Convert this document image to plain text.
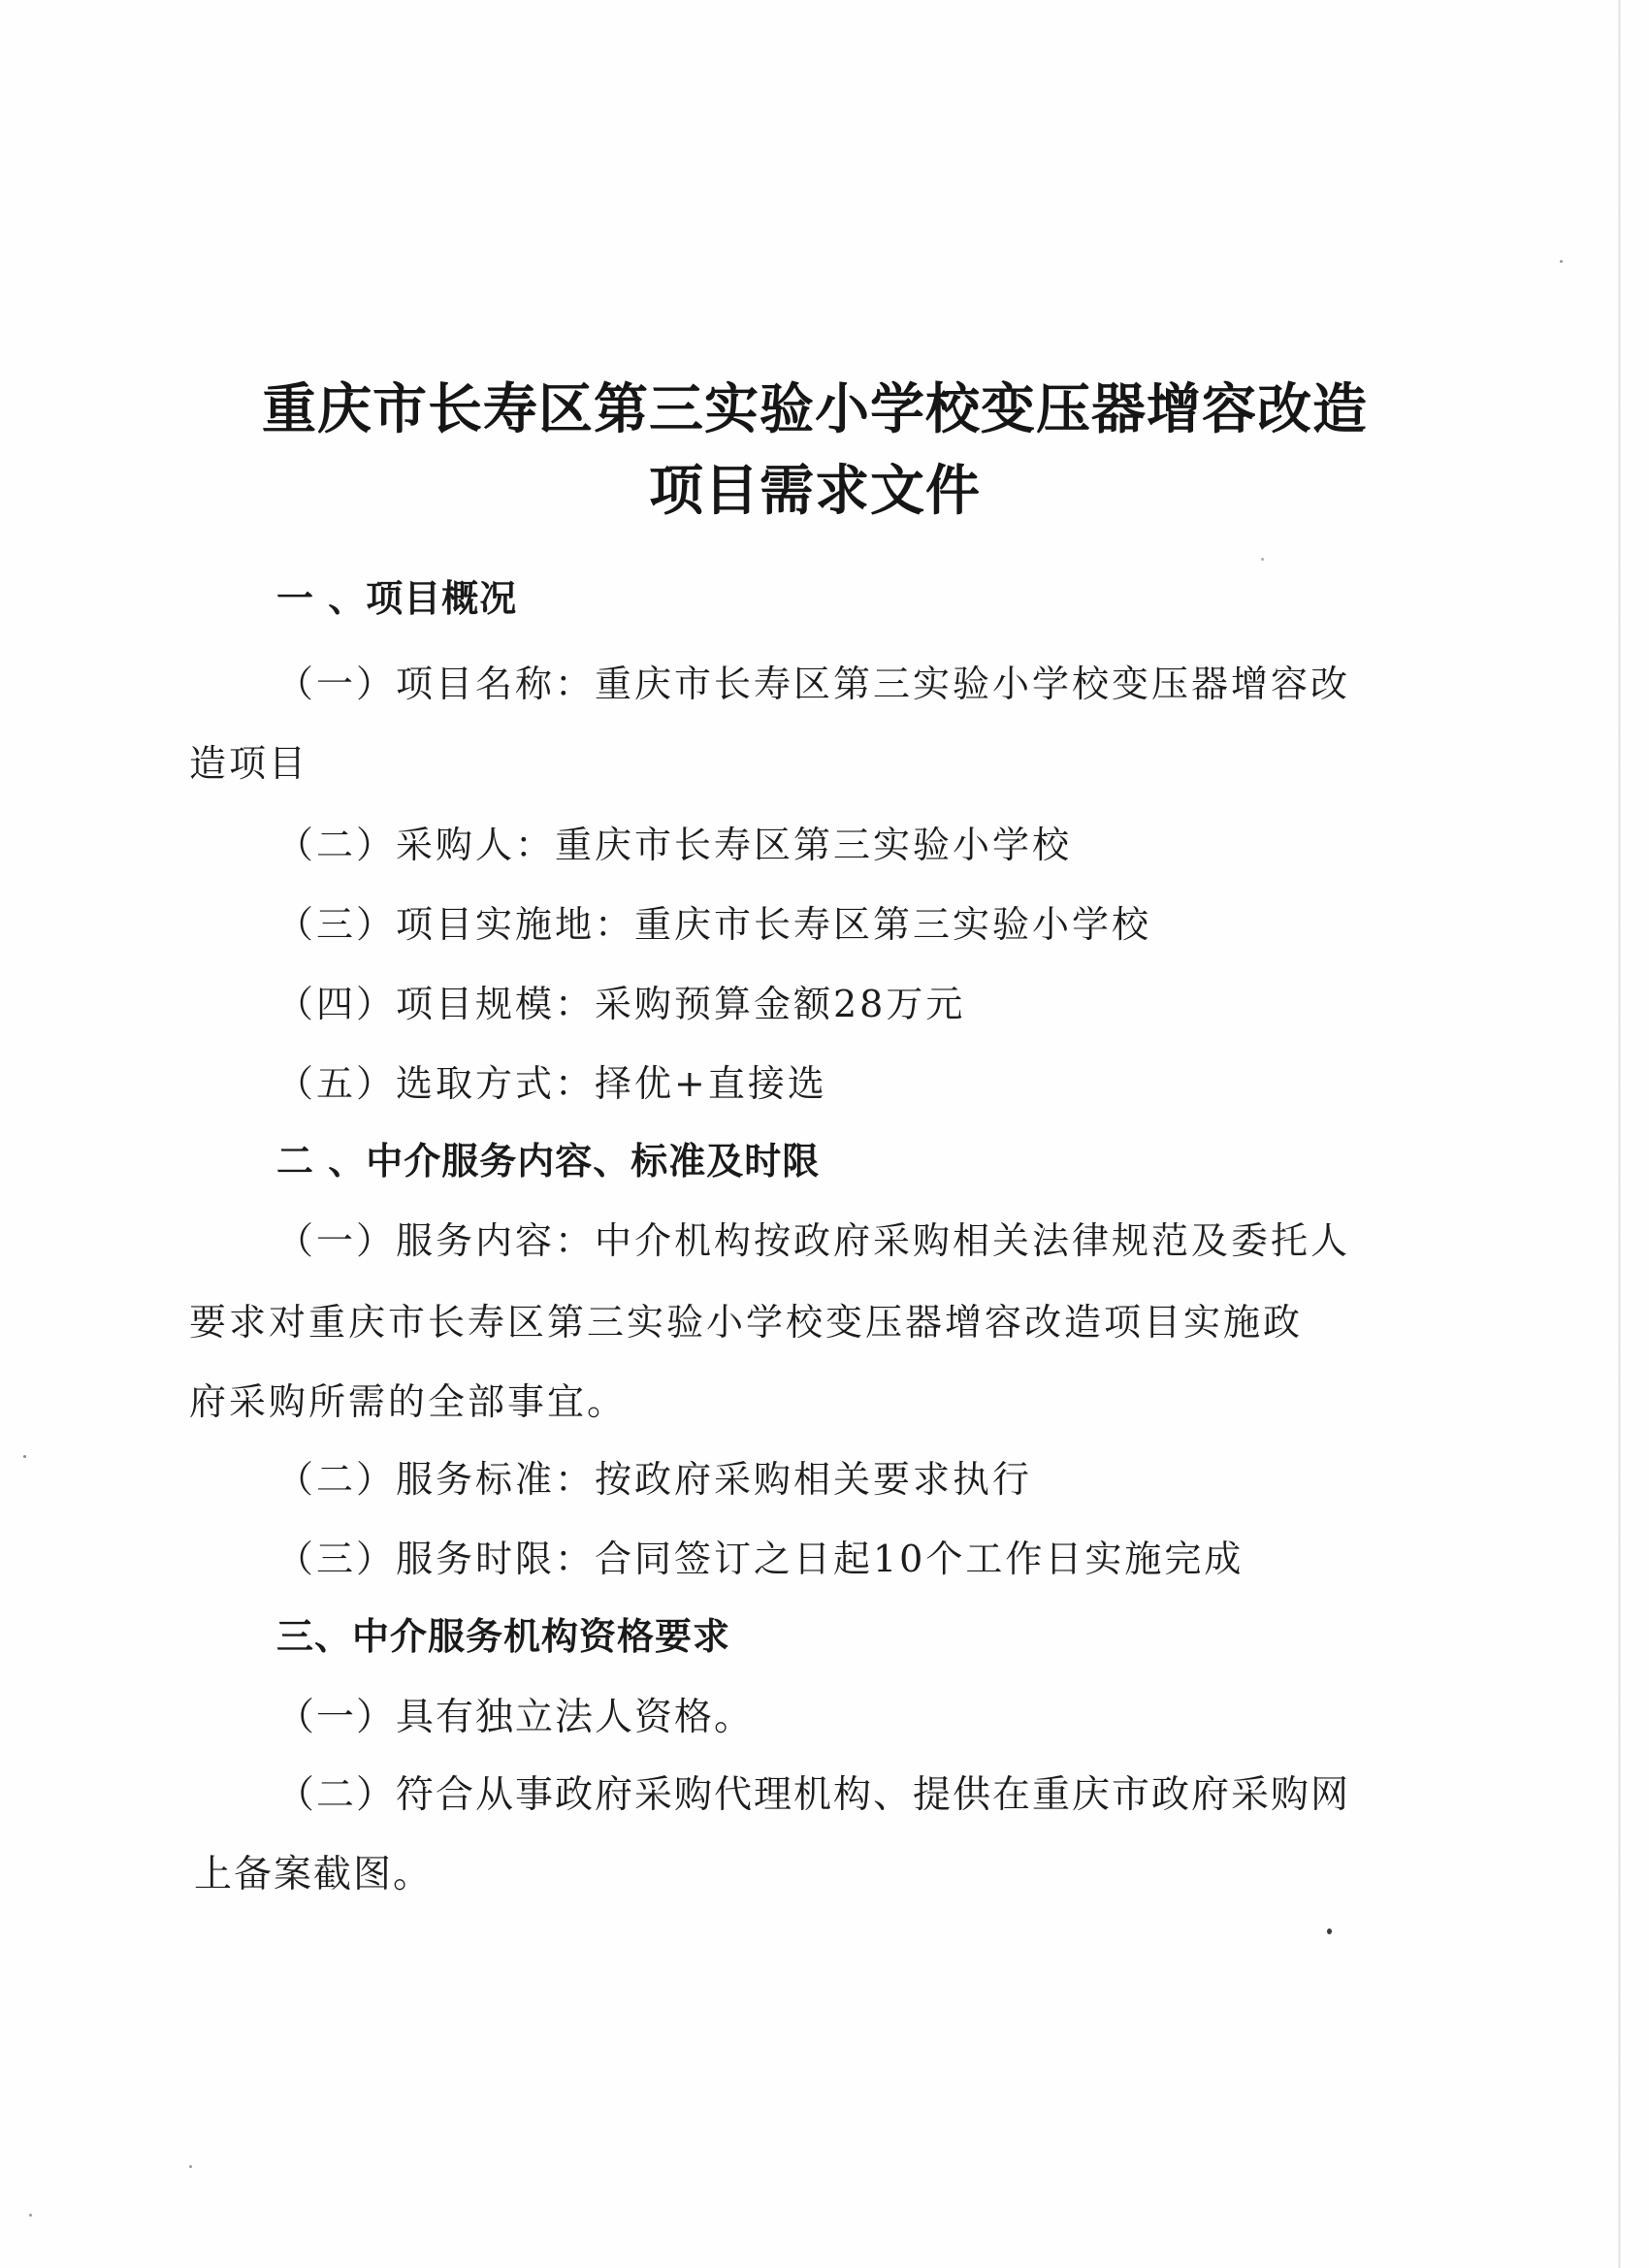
重庆市长寿区第三实验小学校变压器增容改造
项目需求文件
一 、项目概况
（一）项目名称：重庆市长寿区第三实验小学校变压器增容改
造项目
（二）采购人：重庆市长寿区第三实验小学校
（三）项目实施地：重庆市长寿区第三实验小学校
（四）项目规模：采购预算金额28万元
（五）选取方式：择优+直接选
二 、中介服务内容、标准及时限
（一）服务内容：中介机构按政府采购相关法律规范及委托人
要求对重庆市长寿区第三实验小学校变压器增容改造项目实施政
府采购所需的全部事宜。
（二）服务标准：按政府采购相关要求执行
（三）服务时限：合同签订之日起10个工作日实施完成
三、中介服务机构资格要求
（一）具有独立法人资格。
（二）符合从事政府采购代理机构、提供在重庆市政府采购网
上备案截图。
